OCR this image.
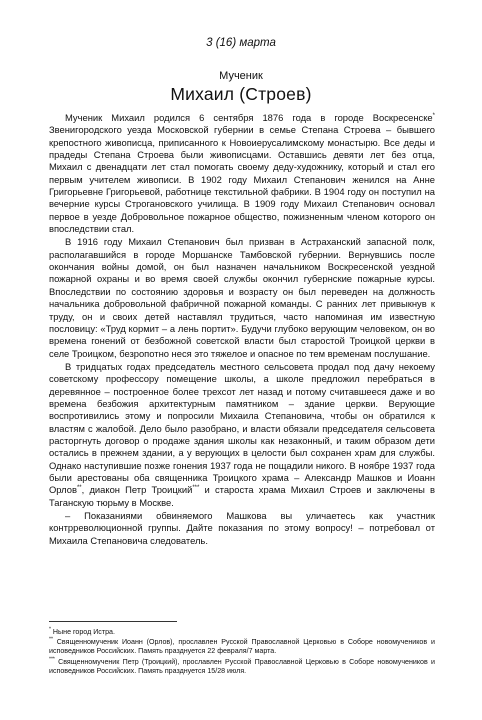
3 (16) марта
Мученик
Михаил (Строев)

Мученик Михаил родился 6 сентября 1876 года в городе Воскресенске* Звенигородского уезда Московской губернии в семье Степана Строева – бывшего крепостного живописца, приписанного к Новоиерусалимскому монастырю. Все деды и прадеды Степана Строева были живописцами. Оставшись девяти лет без отца, Михаил с двенадцати лет стал помогать своему деду-художнику, который и стал его первым учителем живописи. В 1902 году Михаил Степанович женился на Анне Григорьевне Григорьевой, работнице текстильной фабрики. В 1904 году он поступил на вечерние курсы Строгановского училища. В 1909 году Михаил Степанович основал первое в уезде Добровольное пожарное общество, пожизненным членом которого он впоследствии стал.

В 1916 году Михаил Степанович был призван в Астраханский запасной полк, располагавшийся в городе Моршанске Тамбовской губернии. Вернувшись после окончания войны домой, он был назначен начальником Воскресенской уездной пожарной охраны и во время своей службы окончил губернские пожарные курсы. Впоследствии по состоянию здоровья и возрасту он был переведен на должность начальника добровольной фабричной пожарной команды. С ранних лет привыкнув к труду, он и своих детей наставлял трудиться, часто напоминая им известную пословицу: «Труд кормит – а лень портит». Будучи глубоко верующим человеком, он во времена гонений от безбожной советской власти был старостой Троицкой церкви в селе Троицком, безропотно неся это тяжелое и опасное по тем временам послушание.

В тридцатых годах председатель местного сельсовета продал под дачу некоему советскому профессору помещение школы, а школе предложил перебраться в деревянное – построенное более трехсот лет назад и потому считавшееся даже и во времена безбожия архитектурным памятником – здание церкви. Верующие воспротивились этому и попросили Михаила Степановича, чтобы он обратился к властям с жалобой. Дело было разобрано, и власти обязали председателя сельсовета расторгнуть договор о продаже здания школы как незаконный, и таким образом дети остались в прежнем здании, а у верующих в целости был сохранен храм для службы. Однако наступившие позже гонения 1937 года не пощадили никого. В ноябре 1937 года были арестованы оба священника Троицкого храма – Александр Машков и Иоанн Орлов**, диакон Петр Троицкий*** и староста храма Михаил Строев и заключены в Таганскую тюрьму в Москве.

– Показаниями обвиняемого Машкова вы уличаетесь как участник контрреволюционной группы. Дайте показания по этому вопросу! – потребовал от Михаила Степановича следователь.

* Ныне город Истра.

** Священномученик Иоанн (Орлов), прославлен Русской Православной Церковью в Соборе новомучеников и исповедников Российских. Память празднуется 22 февраля/7 марта.

*** Священномученик Петр (Троицкий), прославлен Русской Православной Церковью в Соборе новомучеников и исповедников Российских. Память празднуется 15/28 июля.
